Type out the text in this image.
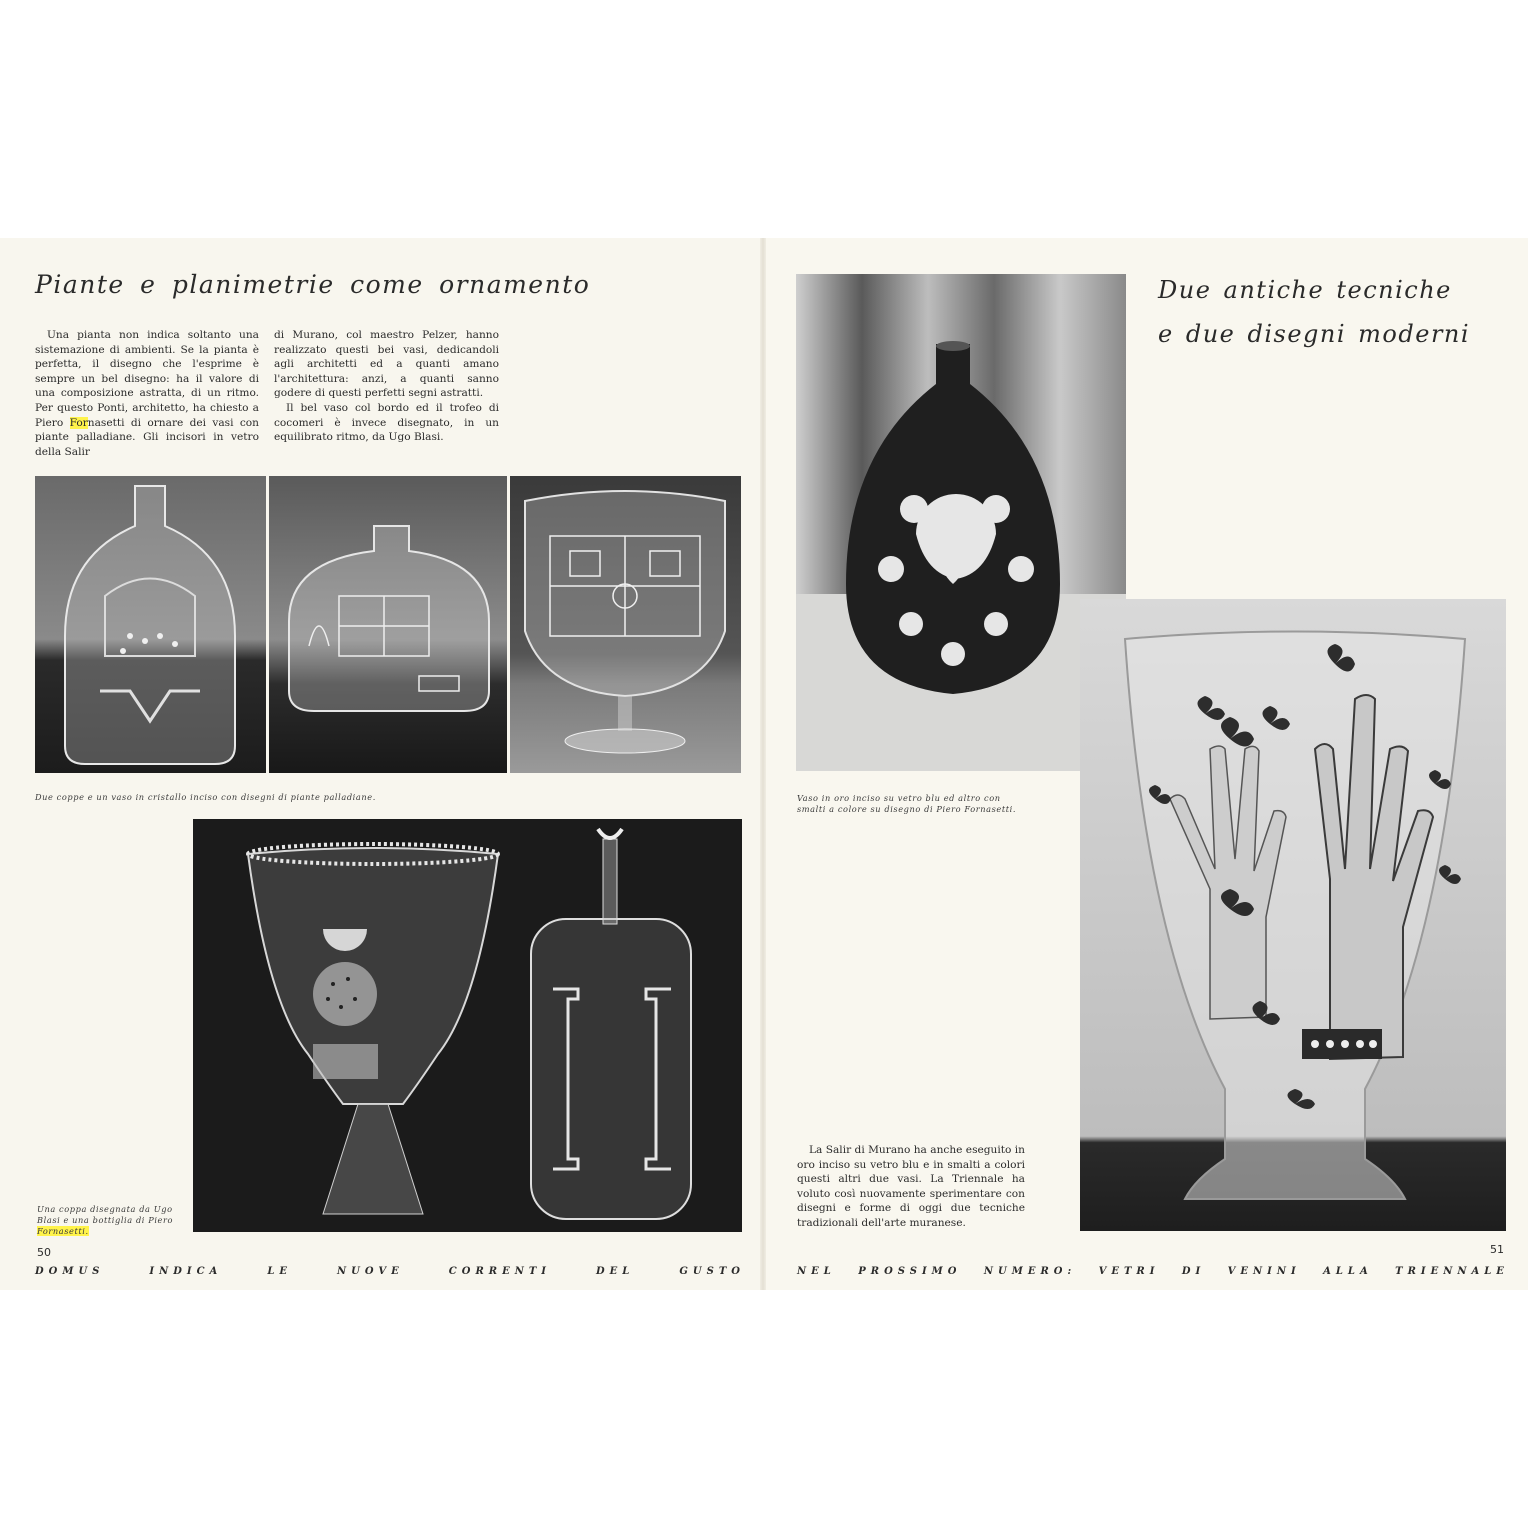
Piante e planimetrie come ornamento

Una pianta non indica soltanto una sistemazione di ambienti. Se la pianta è perfetta, il disegno che l'esprime è sempre un bel disegno: ha il valore di una composizione astratta, di un ritmo. Per questo Ponti, architetto, ha chiesto a Piero Fornasetti di ornare dei vasi con piante palladiane. Gli incisori in vetro della Salir

di Murano, col maestro Pelzer, hanno realizzato questi bei vasi, dedicandoli agli architetti ed a quanti amano l'architettura: anzi, a quanti sanno godere di questi perfetti segni astratti.

Il bel vaso col bordo ed il trofeo di cocomeri è invece disegnato, in un equilibrato ritmo, da Ugo Blasi.

Due coppe e un vaso in cristallo inciso con disegni di piante palladiane.

Una coppa disegnata da Ugo Blasi e una bottiglia di Piero Fornasetti.

50
DOMUS	INDICA	LE	NUOVE	CORRENTI	DEL	GUSTO
Due antiche tecniche
e due disegni moderni

Vaso in oro inciso su vetro blu ed altro con smalti a colore su disegno di Piero Fornasetti.

La Salir di Murano ha anche eseguito in oro inciso su vetro blu e in smalti a colori questi altri due vasi. La Triennale ha voluto così nuovamente sperimentare con disegni e forme di oggi due tecniche tradizionali dell'arte muranese.

51
NEL PROSSIMO NUMERO: VETRI DI VENINI ALLA TRIENNALE
